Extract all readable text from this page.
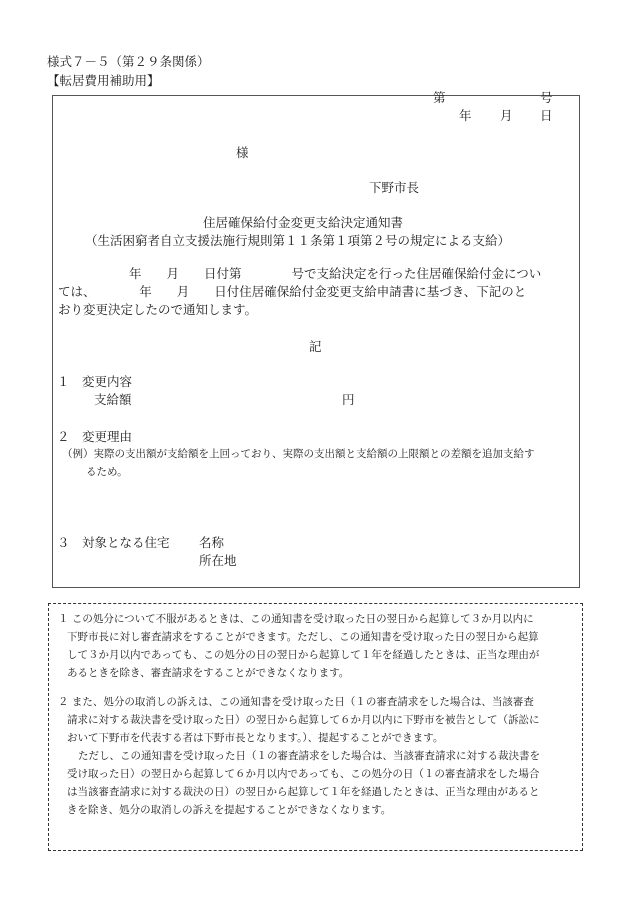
様式７－５（第２９条関係）
【転居費用補助用】
第	号
年 月 日
様
下野市長
住居確保給付金変更支給決定通知書
（生活困窮者自立支援法施行規則第１１条第１項第２号の規定による支給）
年　　月　　日付第　　　　号で支給決定を行った住居確保給付金につい
ては、　　　　年　　月　　日付住居確保給付金変更支給申請書に基づき、下記のと
おり変更決定したので通知します。
記
１　変更内容
支給額	円
２　変更理由
（例）実際の支出額が支給額を上回っており、実際の支出額と支給額の上限額との差額を追加支給す
るため。
３　対象となる住宅 名称
所在地
１ この処分について不服があるときは、この通知書を受け取った日の翌日から起算して３か月以内に
下野市長に対し審査請求をすることができます。ただし、この通知書を受け取った日の翌日から起算
して３か月以内であっても、この処分の日の翌日から起算して１年を経過したときは、正当な理由が
あるときを除き、審査請求をすることができなくなります。
２ また、処分の取消しの訴えは、この通知書を受け取った日（１の審査請求をした場合は、当該審査
請求に対する裁決書を受け取った日）の翌日から起算して６か月以内に下野市を被告として（訴訟に
おいて下野市を代表する者は下野市長となります。）、提起することができます。
ただし、この通知書を受け取った日（１の審査請求をした場合は、当該審査請求に対する裁決書を
受け取った日）の翌日から起算して６か月以内であっても、この処分の日（１の審査請求をした場合
は当該審査請求に対する裁決の日）の翌日から起算して１年を経過したときは、正当な理由があると
きを除き、処分の取消しの訴えを提起することができなくなります。
